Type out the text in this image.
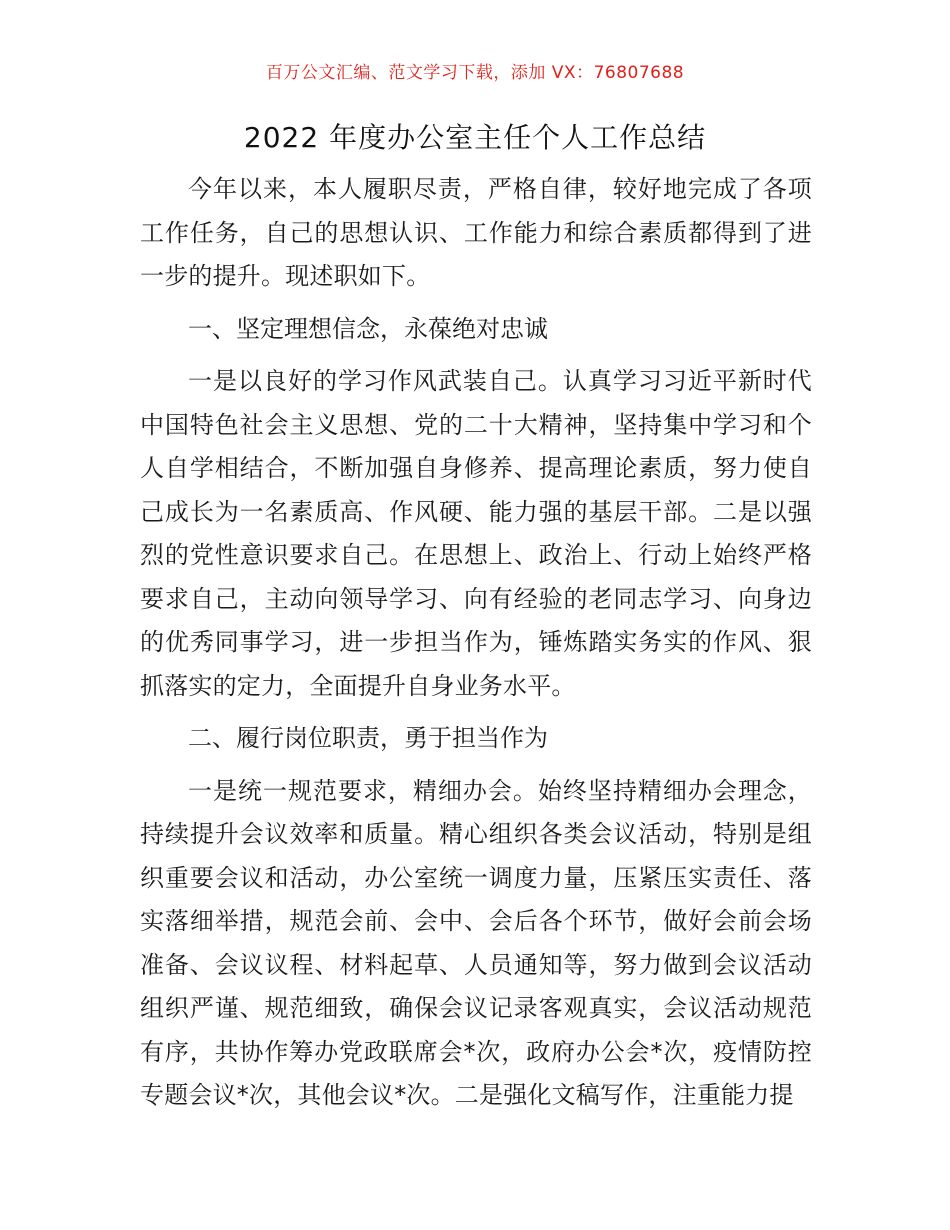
百万公文汇编、范文学习下载，添加 VX：76807688
2022 年度办公室主任个人工作总结

今年以来，本人履职尽责，严格自律，较好地完成了各项工作任务，自己的思想认识、工作能力和综合素质都得到了进一步的提升。现述职如下。

一、坚定理想信念，永葆绝对忠诚

一是以良好的学习作风武装自己。认真学习习近平新时代中国特色社会主义思想、党的二十大精神，坚持集中学习和个人自学相结合，不断加强自身修养、提高理论素质，努力使自己成长为一名素质高、作风硬、能力强的基层干部。二是以强烈的党性意识要求自己。在思想上、政治上、行动上始终严格要求自己，主动向领导学习、向有经验的老同志学习、向身边的优秀同事学习，进一步担当作为，锤炼踏实务实的作风、狠抓落实的定力，全面提升自身业务水平。

二、履行岗位职责，勇于担当作为

一是统一规范要求，精细办会。始终坚持精细办会理念，持续提升会议效率和质量。精心组织各类会议活动，特别是组织重要会议和活动，办公室统一调度力量，压紧压实责任、落实落细举措，规范会前、会中、会后各个环节，做好会前会场准备、会议议程、材料起草、人员通知等，努力做到会议活动组织严谨、规范细致，确保会议记录客观真实，会议活动规范有序，共协作筹办党政联席会*次，政府办公会*次，疫情防控专题会议*次，其他会议*次。二是强化文稿写作，注重能力提
